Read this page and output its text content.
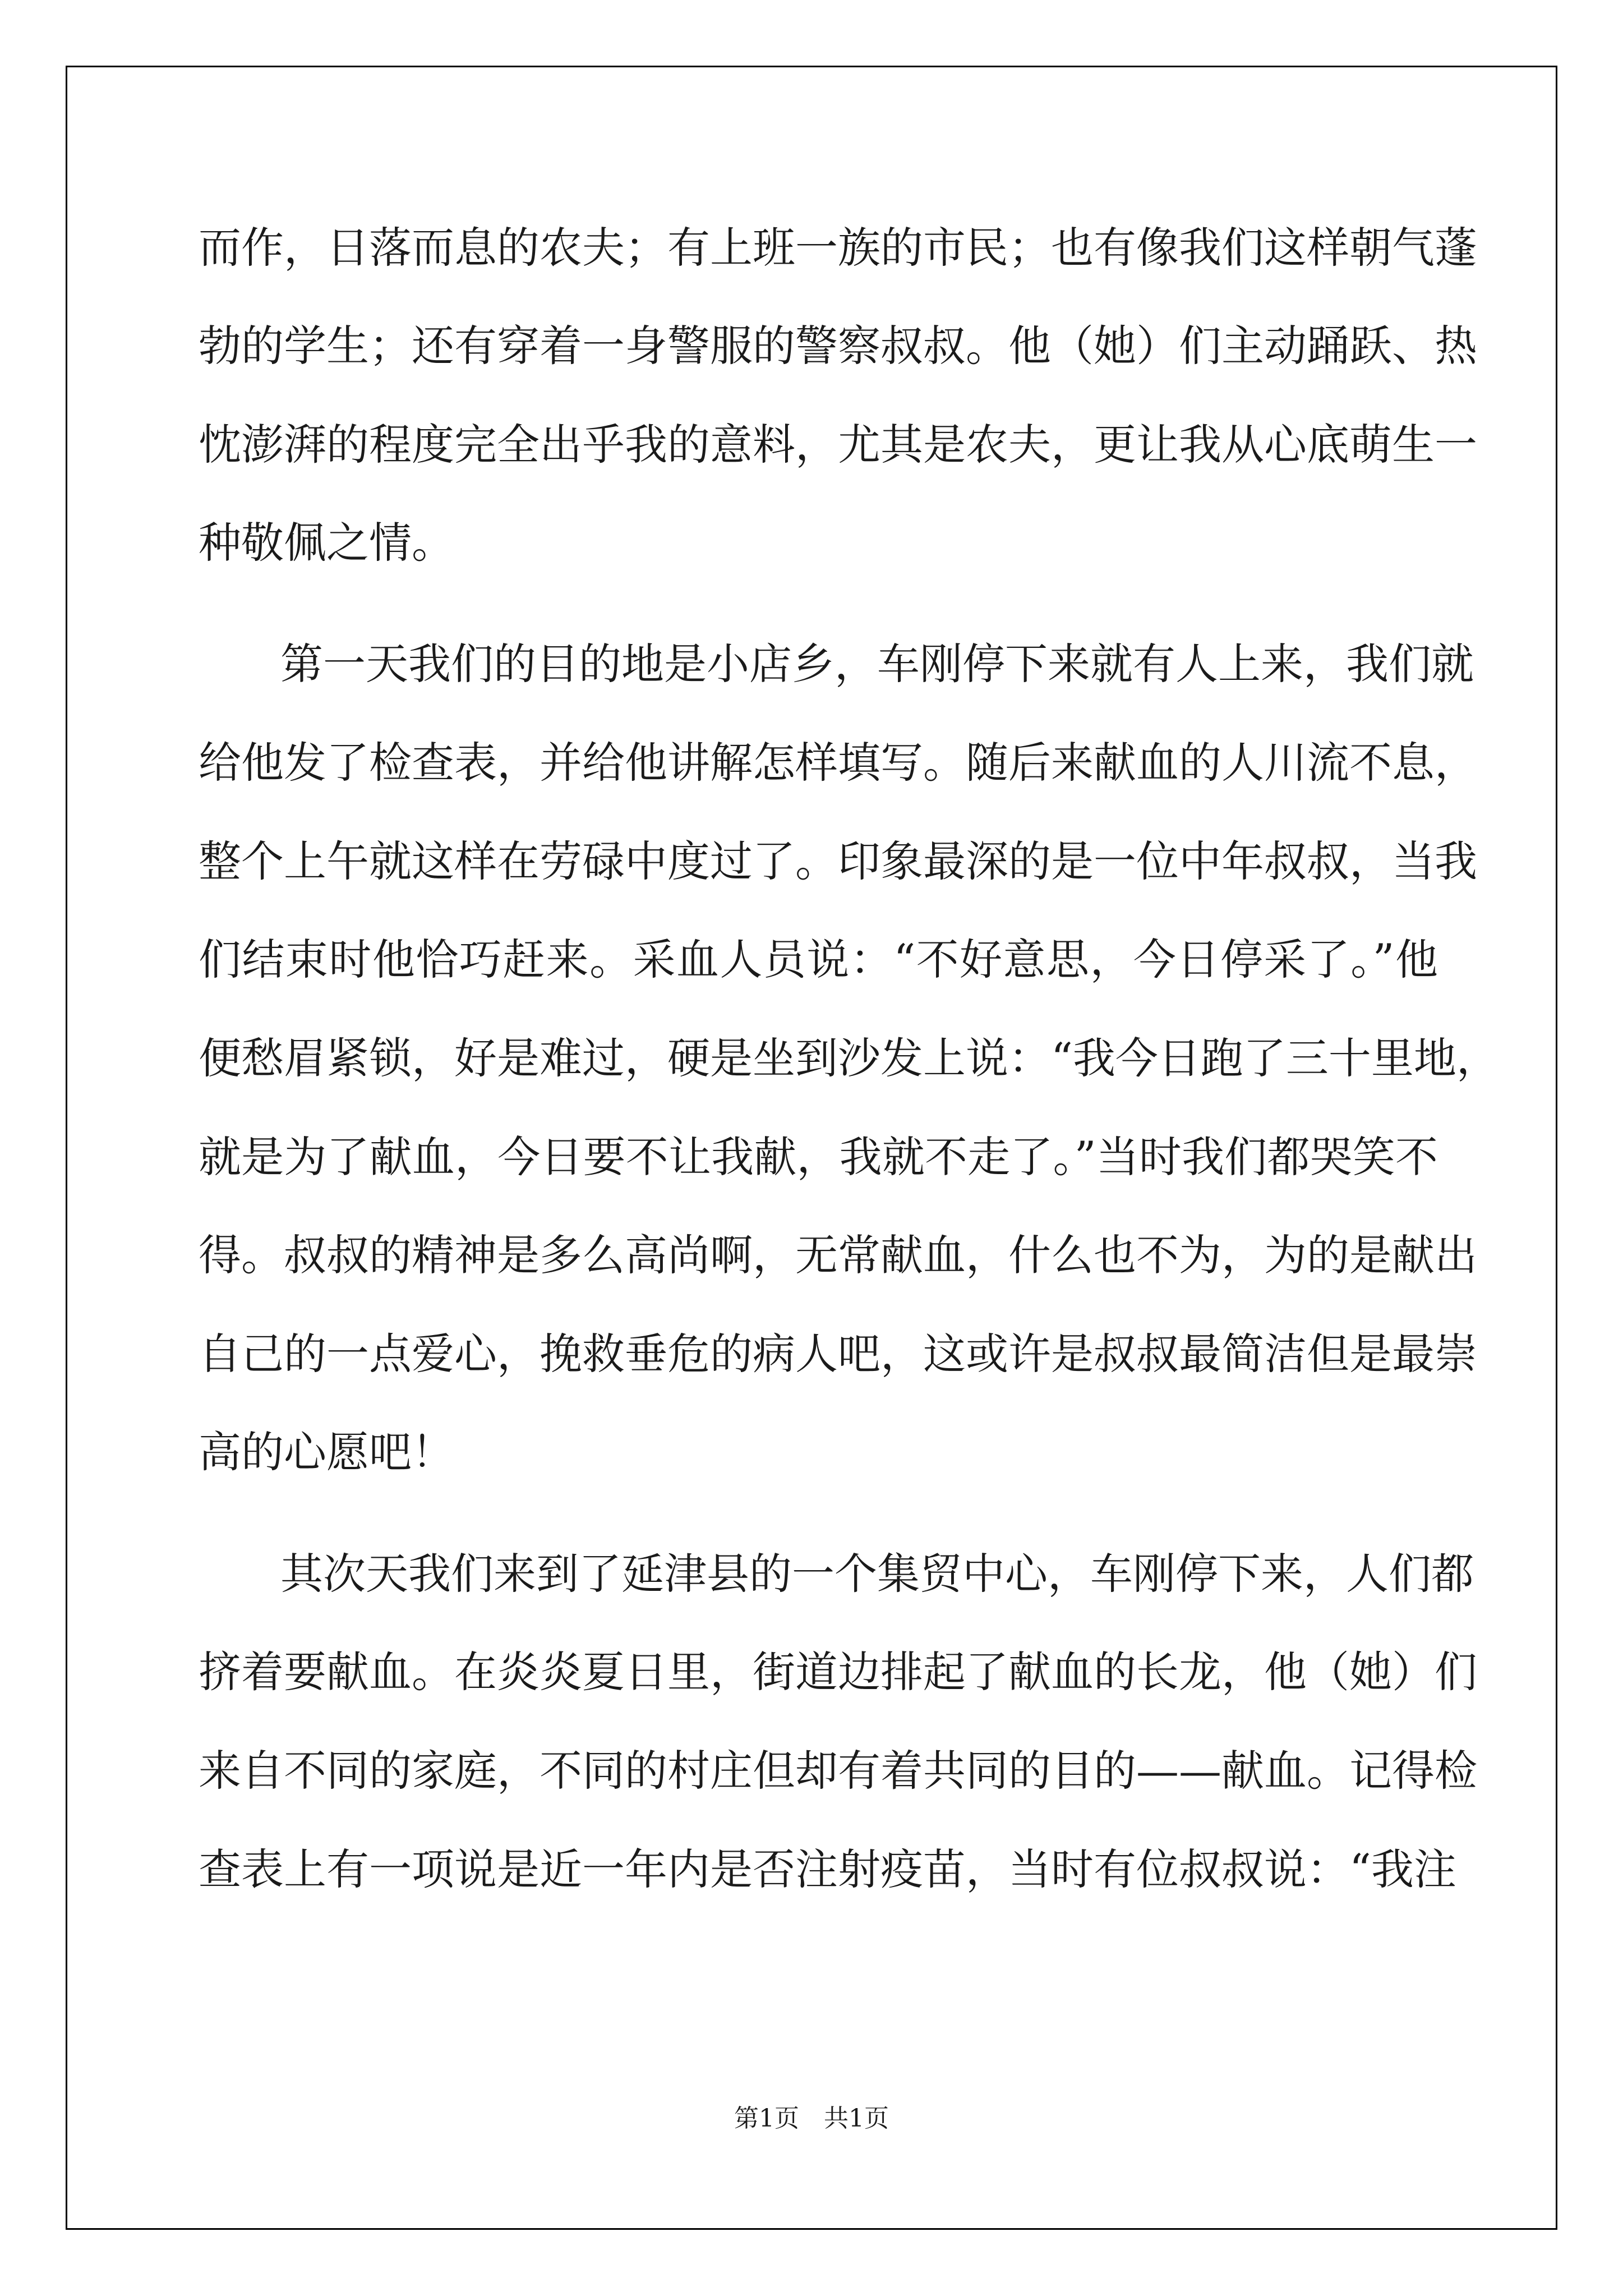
而作，日落而息的农夫；有上班一族的市民；也有像我们这样朝气蓬
勃的学生；还有穿着一身警服的警察叔叔。他（她）们主动踊跃、热
忱澎湃的程度完全出乎我的意料，尤其是农夫，更让我从心底萌生一
种敬佩之情。
第一天我们的目的地是小店乡，车刚停下来就有人上来，我们就
给他发了检查表，并给他讲解怎样填写。随后来献血的人川流不息，
整个上午就这样在劳碌中度过了。印象最深的是一位中年叔叔，当我
们结束时他恰巧赶来。采血人员说：“不好意思，今日停采了。”他
便愁眉紧锁，好是难过，硬是坐到沙发上说：“我今日跑了三十里地，
就是为了献血，今日要不让我献，我就不走了。”当时我们都哭笑不
得。叔叔的精神是多么高尚啊，无常献血，什么也不为，为的是献出
自己的一点爱心，挽救垂危的病人吧，这或许是叔叔最简洁但是最崇
高的心愿吧！
其次天我们来到了延津县的一个集贸中心，车刚停下来，人们都
挤着要献血。在炎炎夏日里，街道边排起了献血的长龙，他（她）们
来自不同的家庭，不同的村庄但却有着共同的目的——献血。记得检
查表上有一项说是近一年内是否注射疫苗，当时有位叔叔说：“我注
第1页　共1页
